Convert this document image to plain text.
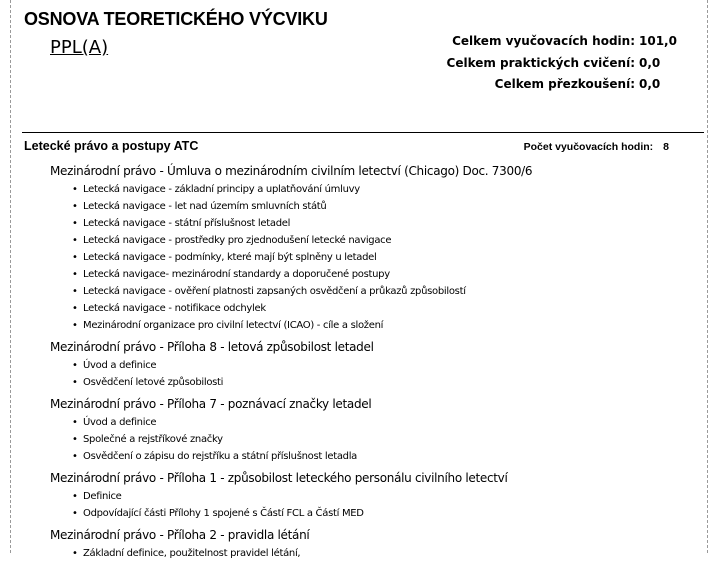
OSNOVA TEORETICKÉHO VÝCVIKU
PPL(A)	Celkem vyučovacích hodin: 101,0
Celkem praktických cvičení: 0,0
Celkem přezkoušení: 0,0
Letecké právo a postupy ATC	Počet vyučovacích hodin: 8
Mezinárodní právo - Úmluva o mezinárodním civilním letectví (Chicago) Doc. 7300/6
• Letecká navigace - základní principy a uplatňování úmluvy
• Letecká navigace - let nad územím smluvních států
• Letecká navigace - státní příslušnost letadel
• Letecká navigace - prostředky pro zjednodušení letecké navigace
• Letecká navigace - podmínky, které mají být splněny u letadel
• Letecká navigace- mezinárodní standardy a doporučené postupy
• Letecká navigace - ověření platnosti zapsaných osvědčení a průkazů způsobilostí
• Letecká navigace - notifikace odchylek
• Mezinárodní organizace pro civilní letectví (ICAO) - cíle a složení
Mezinárodní právo - Příloha 8 - letová způsobilost letadel
• Úvod a definice
• Osvědčení letové způsobilosti
Mezinárodní právo - Příloha 7 - poznávací značky letadel
• Úvod a definice
• Společné a rejstříkové značky
• Osvědčení o zápisu do rejstříku a státní příslušnost letadla
Mezinárodní právo - Příloha 1 - způsobilost leteckého personálu civilního letectví
• Definice
• Odpovídající části Přílohy 1 spojené s Částí FCL a Částí MED
Mezinárodní právo - Příloha 2 - pravidla létání
• Základní definice, použitelnost pravidel létání,
